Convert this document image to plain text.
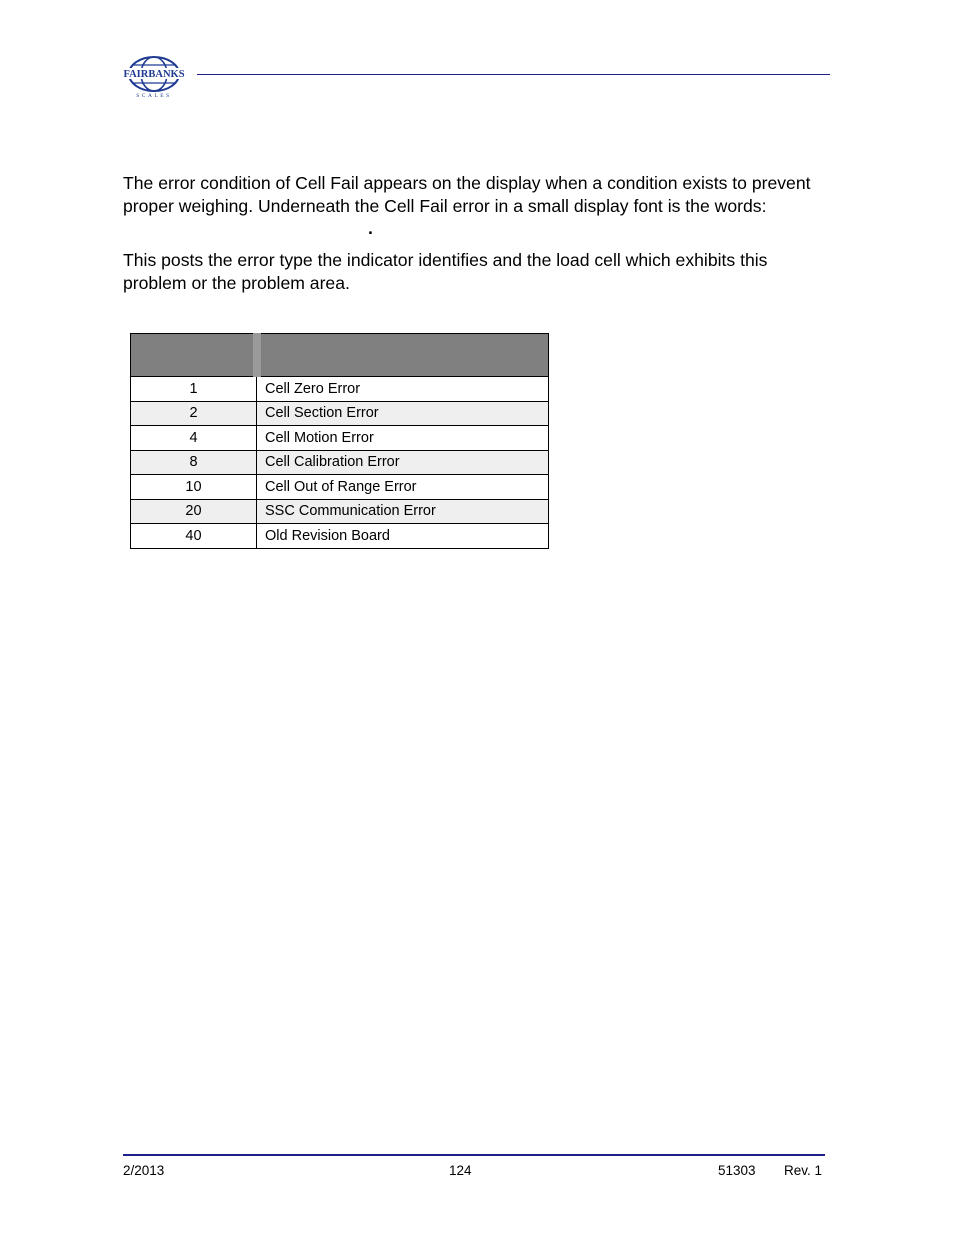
FAIRBANKS
SCALES

The error condition of Cell Fail appears on the display when a condition exists to prevent proper weighing. Underneath the Cell Fail error in a small display font is the words:

.

This posts the error type the indicator identifies and the load cell which exhibits this problem or the problem area.

1	Cell Zero Error
2	Cell Section Error
4	Cell Motion Error
8	Cell Calibration Error
10	Cell Out of Range Error
20	SSC Communication Error
40	Old Revision Board
2/2013	124	51303 Rev. 1
